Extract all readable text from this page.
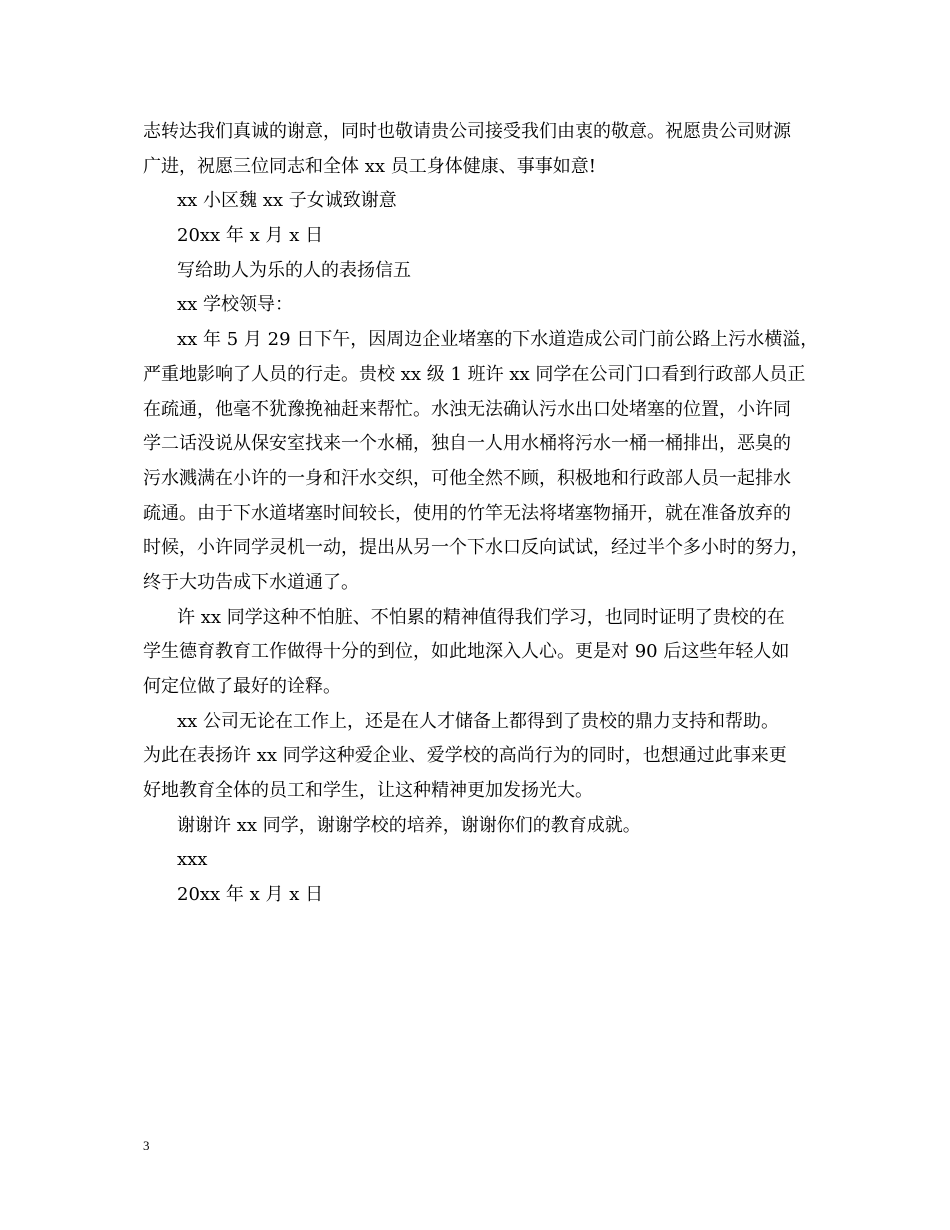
志转达我们真诚的谢意，同时也敬请贵公司接受我们由衷的敬意。祝愿贵公司财源
广进，祝愿三位同志和全体 xx 员工身体健康、事事如意!
xx 小区魏 xx 子女诚致谢意
20xx 年 x 月 x 日
写给助人为乐的人的表扬信五
xx 学校领导：
xx 年 5 月 29 日下午，因周边企业堵塞的下水道造成公司门前公路上污水横溢，
严重地影响了人员的行走。贵校 xx 级 1 班许 xx 同学在公司门口看到行政部人员正
在疏通，他毫不犹豫挽袖赶来帮忙。水浊无法确认污水出口处堵塞的位置，小许同
学二话没说从保安室找来一个水桶，独自一人用水桶将污水一桶一桶排出，恶臭的
污水溅满在小许的一身和汗水交织，可他全然不顾，积极地和行政部人员一起排水
疏通。由于下水道堵塞时间较长，使用的竹竿无法将堵塞物捅开，就在准备放弃的
时候，小许同学灵机一动，提出从另一个下水口反向试试，经过半个多小时的努力，
终于大功告成下水道通了。
许 xx 同学这种不怕脏、不怕累的精神值得我们学习，也同时证明了贵校的在
学生德育教育工作做得十分的到位，如此地深入人心。更是对 90 后这些年轻人如
何定位做了最好的诠释。
xx 公司无论在工作上，还是在人才储备上都得到了贵校的鼎力支持和帮助。
为此在表扬许 xx 同学这种爱企业、爱学校的高尚行为的同时，也想通过此事来更
好地教育全体的员工和学生，让这种精神更加发扬光大。
谢谢许 xx 同学，谢谢学校的培养，谢谢你们的教育成就。
xxx
20xx 年 x 月 x 日
3
